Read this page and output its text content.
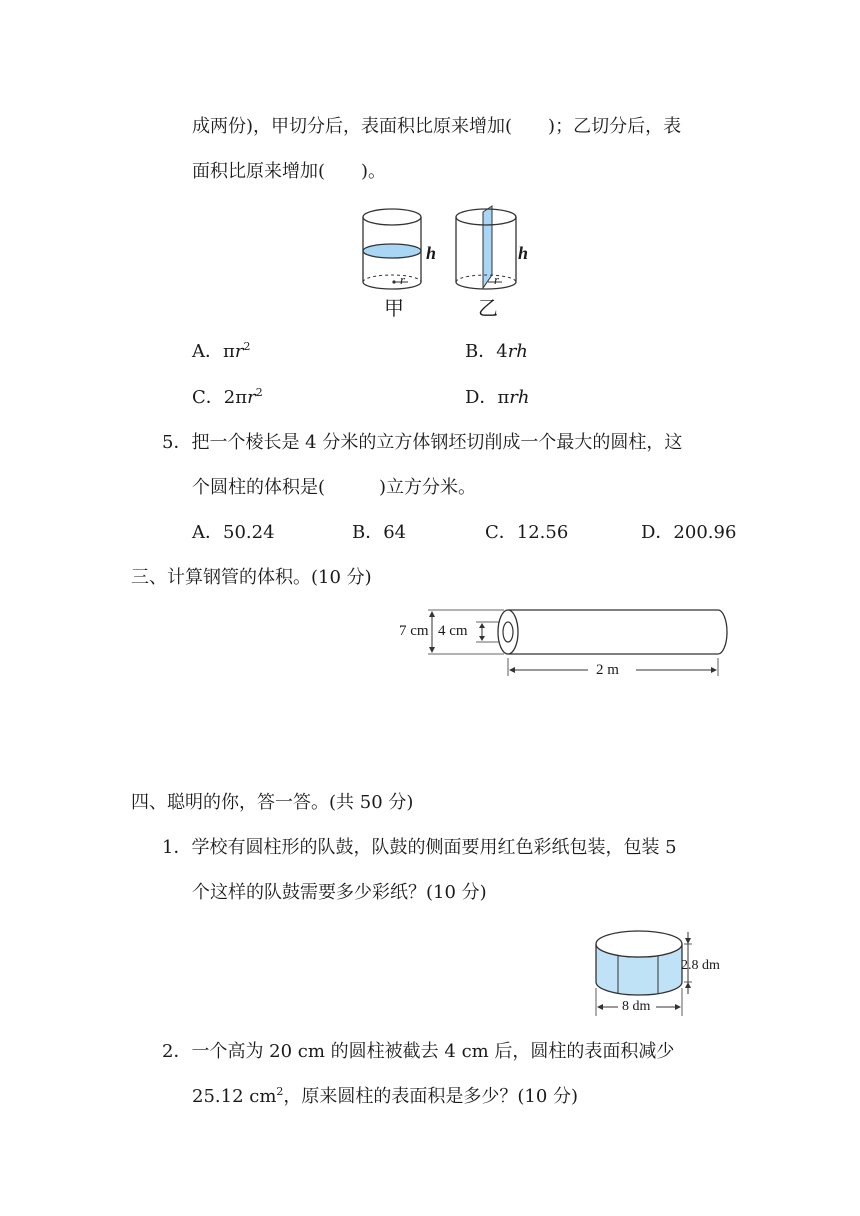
成两份)，甲切分后，表面积比原来增加(　　)；乙切分后，表
面积比原来增加(　　)。
h
r
甲
h
r
乙
A．$\pi r^2$	B．4rh
C．$2\pi r^2$	D．πrh
5．把一个棱长是 4 分米的立方体钢坯切削成一个最大的圆柱，这
个圆柱的体积是(　　　)立方分米。
A．50.24	B．64	C．12.56	D．200.96
三、计算钢管的体积。(10 分)
7 cm 4 cm
2 m
四、聪明的你，答一答。(共 50 分)
1．学校有圆柱形的队鼓，队鼓的侧面要用红色彩纸包装，包装 5
个这样的队鼓需要多少彩纸？(10 分)
2.8 dm
8 dm
2．一个高为 20 cm 的圆柱被截去 4 cm 后，圆柱的表面积减少
25.12 $cm^2$，原来圆柱的表面积是多少？(10 分)
